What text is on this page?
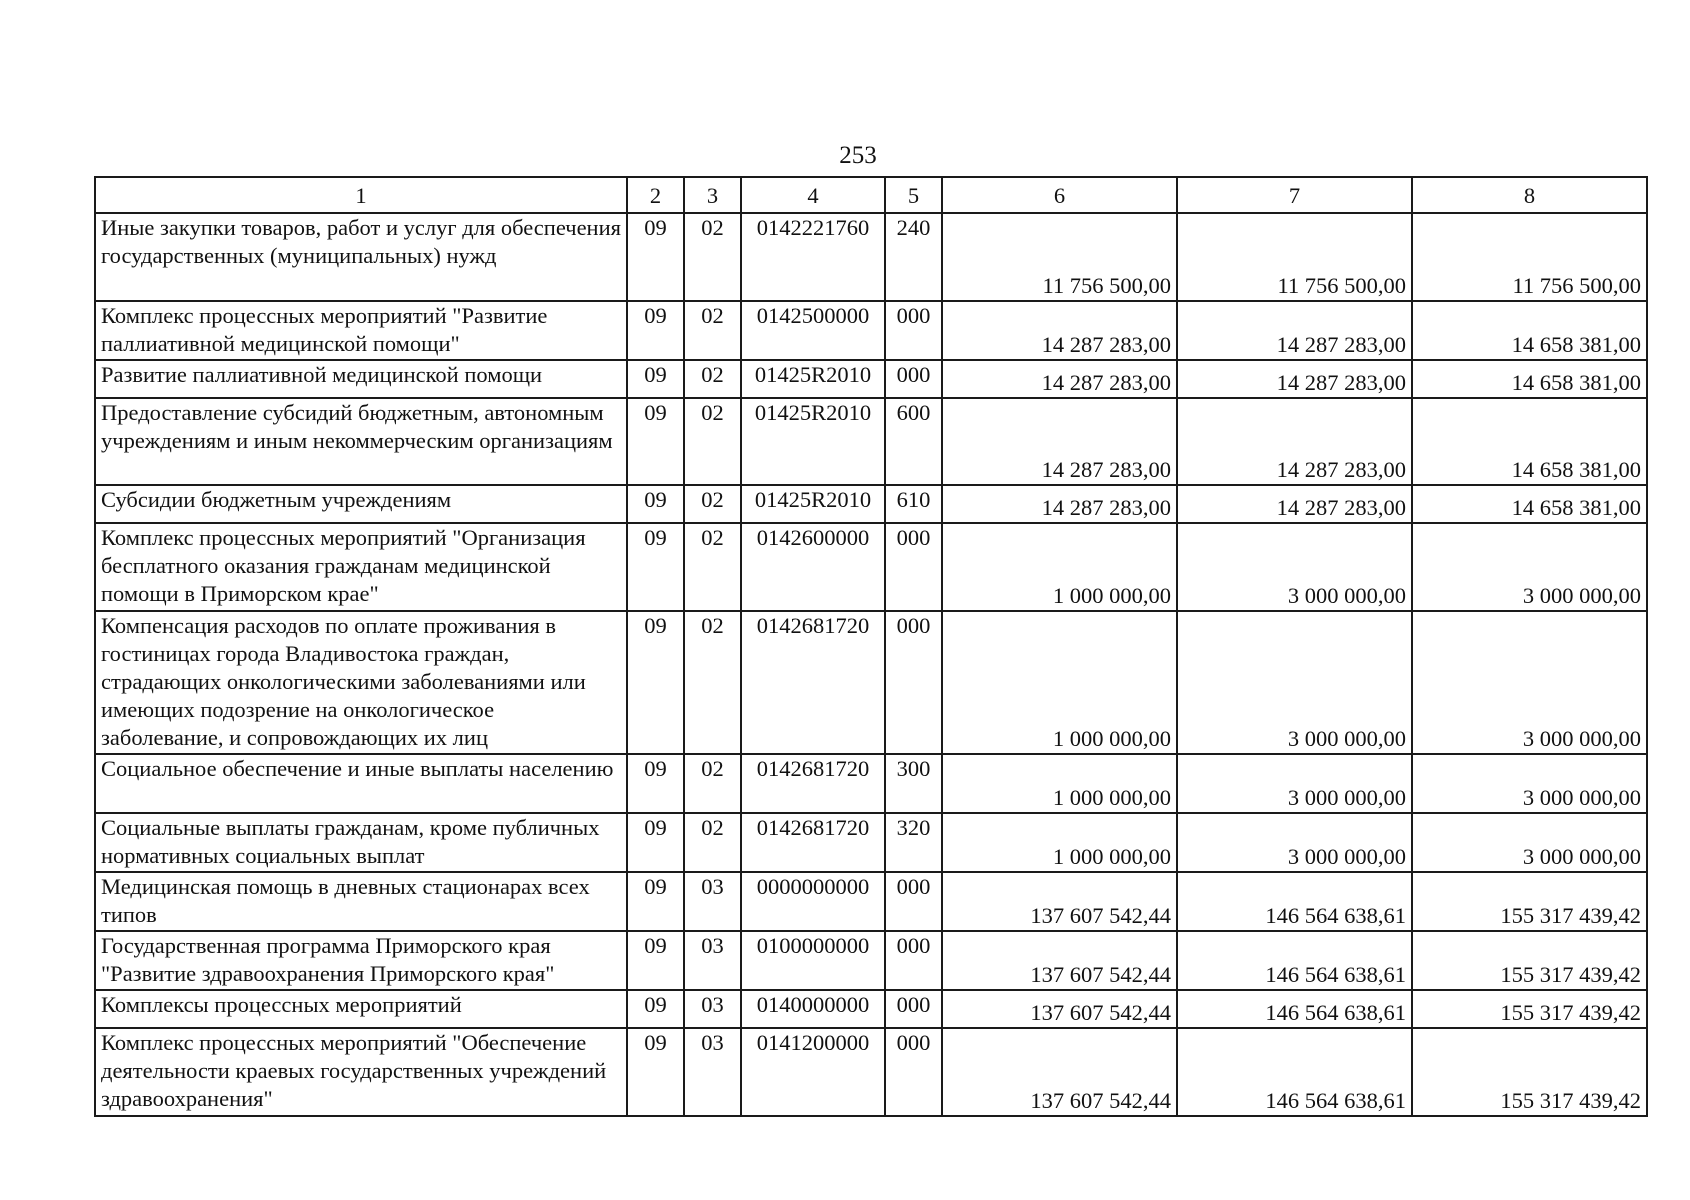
253
1	2	3	4	5	6	7	8
Иные закупки товаров, работ и услуг для обеспечения государственных (муниципальных) нужд	09	02	0142221760	240	11 756 500,00	11 756 500,00	11 756 500,00
Комплекс процессных мероприятий "Развитие паллиативной медицинской помощи"	09	02	0142500000	000	14 287 283,00	14 287 283,00	14 658 381,00
Развитие паллиативной медицинской помощи	09	02	01425R2010	000	14 287 283,00	14 287 283,00	14 658 381,00
Предоставление субсидий бюджетным, автономным учреждениям и иным некоммерческим организациям	09	02	01425R2010	600	14 287 283,00	14 287 283,00	14 658 381,00
Субсидии бюджетным учреждениям	09	02	01425R2010	610	14 287 283,00	14 287 283,00	14 658 381,00
Комплекс процессных мероприятий "Организация бесплатного оказания гражданам медицинской помощи в Приморском крае"	09	02	0142600000	000	1 000 000,00	3 000 000,00	3 000 000,00
Компенсация расходов по оплате проживания в гостиницах города Владивостока граждан, страдающих онкологическими заболеваниями или имеющих подозрение на онкологическое заболевание, и сопровождающих их лиц	09	02	0142681720	000	1 000 000,00	3 000 000,00	3 000 000,00
Социальное обеспечение и иные выплаты населению	09	02	0142681720	300	1 000 000,00	3 000 000,00	3 000 000,00
Социальные выплаты гражданам, кроме публичных нормативных социальных выплат	09	02	0142681720	320	1 000 000,00	3 000 000,00	3 000 000,00
Медицинская помощь в дневных стационарах всех типов	09	03	0000000000	000	137 607 542,44	146 564 638,61	155 317 439,42
Государственная программа Приморского края "Развитие здравоохранения Приморского края"	09	03	0100000000	000	137 607 542,44	146 564 638,61	155 317 439,42
Комплексы процессных мероприятий	09	03	0140000000	000	137 607 542,44	146 564 638,61	155 317 439,42
Комплекс процессных мероприятий "Обеспечение деятельности краевых государственных учреждений здравоохранения"	09	03	0141200000	000	137 607 542,44	146 564 638,61	155 317 439,42
